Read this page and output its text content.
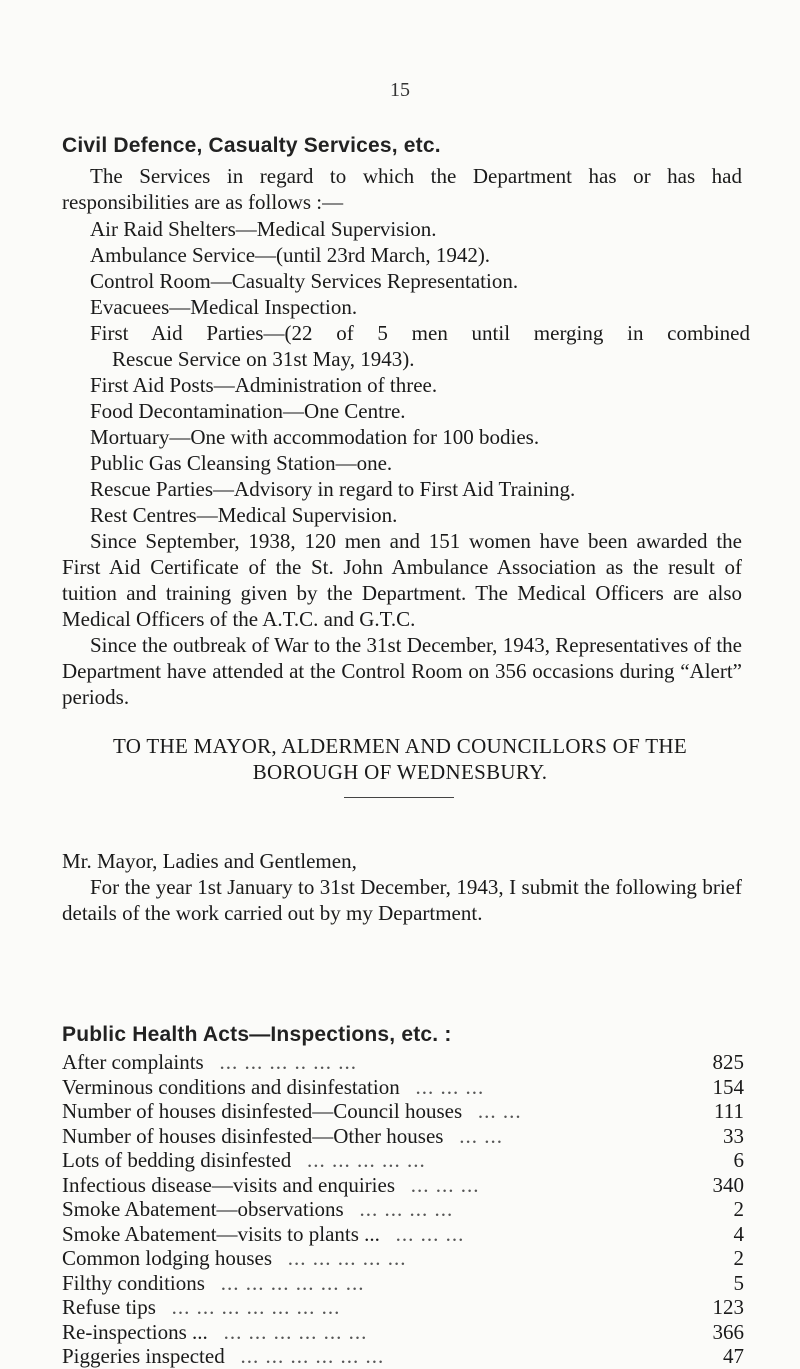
15
Civil Defence, Casualty Services, etc.
The Services in regard to which the Department has or has had responsibilities are as follows :—
Air Raid Shelters—Medical Supervision.
Ambulance Service—(until 23rd March, 1942).
Control Room—Casualty Services Representation.
Evacuees—Medical Inspection.
First Aid Parties—(22 of 5 men until merging in combined
Rescue Service on 31st May, 1943).
First Aid Posts—Administration of three.
Food Decontamination—One Centre.
Mortuary—One with accommodation for 100 bodies.
Public Gas Cleansing Station—one.
Rescue Parties—Advisory in regard to First Aid Training.
Rest Centres—Medical Supervision.
Since September, 1938, 120 men and 151 women have been awarded the First Aid Certificate of the St. John Ambulance Association as the result of tuition and training given by the Department. The Medical Officers are also Medical Officers of the A.T.C. and G.T.C.
Since the outbreak of War to the 31st December, 1943, Representatives of the Department have attended at the Control Room on 356 occasions during “Alert” periods.
TO THE MAYOR, ALDERMEN AND COUNCILLORS OF THE
BOROUGH OF WEDNESBURY.
Mr. Mayor, Ladies and Gentlemen,
For the year 1st January to 31st December, 1943, I submit the following brief details of the work carried out by my Department.
Public Health Acts—Inspections, etc. :
After complaints ... ... ... .. ... ...	825
Verminous conditions and disinfestation ... ... ...	154
Number of houses disinfested—Council houses ... ...	111
Number of houses disinfested—Other houses ... ...	33
Lots of bedding disinfested ... ... ... ... ...	6
Infectious disease—visits and enquiries ... ... ...	340
Smoke Abatement—observations ... ... ... ...	2
Smoke Abatement—visits to plants ... ... ... ...	4
Common lodging houses ... ... ... ... ...	2
Filthy conditions ... ... ... ... ... ...	5
Refuse tips ... ... ... ... ... ... ...	123
Re-inspections ... ... ... ... ... ... ...	366
Piggeries inspected ... ... ... ... ... ...	47
